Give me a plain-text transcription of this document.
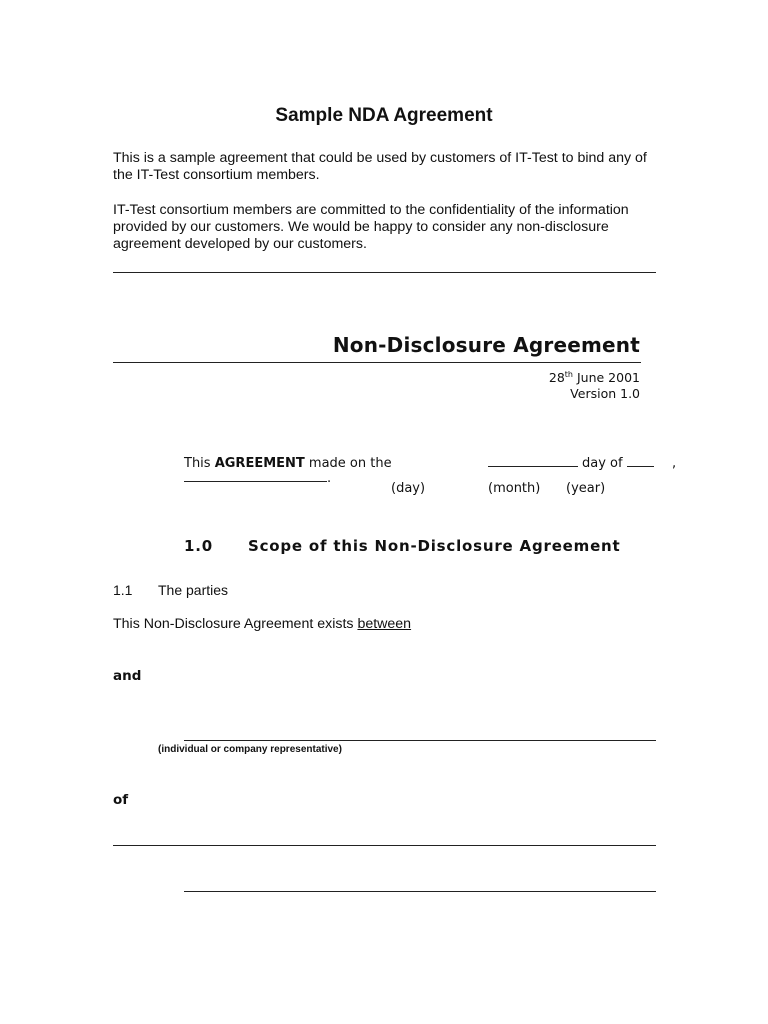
Sample NDA Agreement

This is a sample agreement that could be used by customers of IT-Test to bind any of the IT-Test consortium members.

IT-Test consortium members are committed to the confidentiality of the information provided by our customers. We would be happy to consider any non-disclosure agreement developed by our customers.

Non-Disclosure Agreement
28th June 2001
Version 1.0
This AGREEMENT made on the	day of	,
.
(day)	(month) (year)
1.0 Scope of this Non-Disclosure Agreement
1.1 The parties
This Non-Disclosure Agreement exists between
and
(individual or company representative)
of
